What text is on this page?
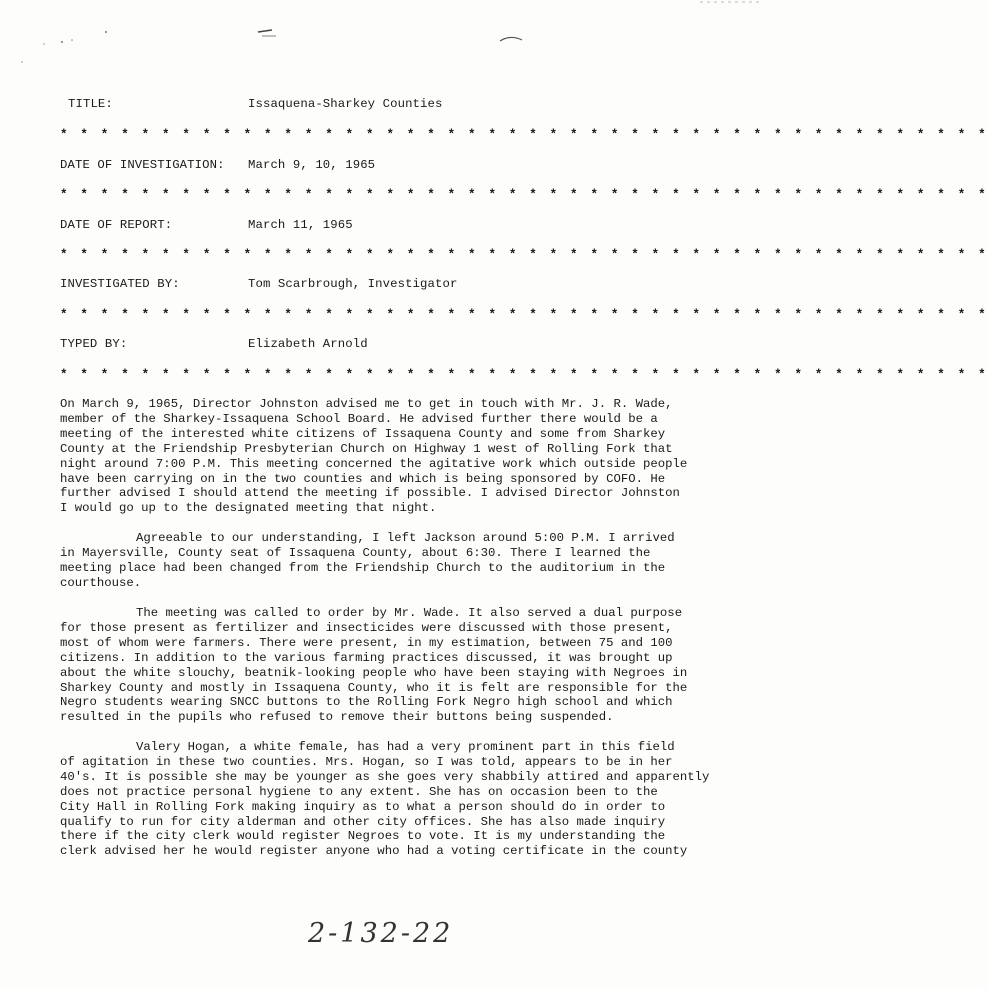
TITLE:	Issaquena-Sharkey Counties
* * * * * * * * * * * * * * * * * * * * * * * * * * * * * * * * * * * * * * * * * * * * * *
DATE OF INVESTIGATION: March 9, 10, 1965
* * * * * * * * * * * * * * * * * * * * * * * * * * * * * * * * * * * * * * * * * * * * * *
DATE OF REPORT:	March 11, 1965
* * * * * * * * * * * * * * * * * * * * * * * * * * * * * * * * * * * * * * * * * * * * * *
INVESTIGATED BY:	Tom Scarbrough, Investigator
* * * * * * * * * * * * * * * * * * * * * * * * * * * * * * * * * * * * * * * * * * * * * *
TYPED BY:	Elizabeth Arnold
* * * * * * * * * * * * * * * * * * * * * * * * * * * * * * * * * * * * * * * * * * * * * *
On March 9, 1965, Director Johnston advised me to get in touch with Mr. J. R. Wade,
member of the Sharkey-Issaquena School Board. He advised further there would be a
meeting of the interested white citizens of Issaquena County and some from Sharkey
County at the Friendship Presbyterian Church on Highway 1 west of Rolling Fork that
night around 7:00 P.M. This meeting concerned the agitative work which outside people
have been carrying on in the two counties and which is being sponsored by COFO. He
further advised I should attend the meeting if possible. I advised Director Johnston
I would go up to the designated meeting that night.
Agreeable to our understanding, I left Jackson around 5:00 P.M. I arrived
in Mayersville, County seat of Issaquena County, about 6:30. There I learned the
meeting place had been changed from the Friendship Church to the auditorium in the
courthouse.
The meeting was called to order by Mr. Wade. It also served a dual purpose
for those present as fertilizer and insecticides were discussed with those present,
most of whom were farmers. There were present, in my estimation, between 75 and 100
citizens. In addition to the various farming practices discussed, it was brought up
about the white slouchy, beatnik-looking people who have been staying with Negroes in
Sharkey County and mostly in Issaquena County, who it is felt are responsible for the
Negro students wearing SNCC buttons to the Rolling Fork Negro high school and which
resulted in the pupils who refused to remove their buttons being suspended.
Valery Hogan, a white female, has had a very prominent part in this field
of agitation in these two counties. Mrs. Hogan, so I was told, appears to be in her
40's. It is possible she may be younger as she goes very shabbily attired and apparently
does not practice personal hygiene to any extent. She has on occasion been to the
City Hall in Rolling Fork making inquiry as to what a person should do in order to
qualify to run for city alderman and other city offices. She has also made inquiry
there if the city clerk would register Negroes to vote. It is my understanding the
clerk advised her he would register anyone who had a voting certificate in the county
2-132-22
